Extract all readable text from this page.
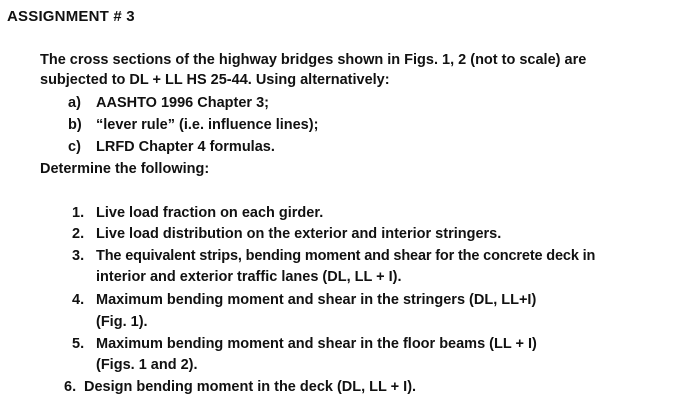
ASSIGNMENT # 3
The cross sections of the highway bridges shown in Figs. 1, 2 (not to scale) are
subjected to DL + LL HS 25-44. Using alternatively:
a) AASHTO 1996 Chapter 3;
b) “lever rule” (i.e. influence lines);
c) LRFD Chapter 4 formulas.
Determine the following:
1. Live load fraction on each girder.
2. Live load distribution on the exterior and interior stringers.
3. The equivalent strips, bending moment and shear for the concrete deck in
interior and exterior traffic lanes (DL, LL + I).
4. Maximum bending moment and shear in the stringers (DL, LL+I)
(Fig. 1).
5. Maximum bending moment and shear in the floor beams (LL + I)
(Figs. 1 and 2).
6. Design bending moment in the deck (DL, LL + I).
